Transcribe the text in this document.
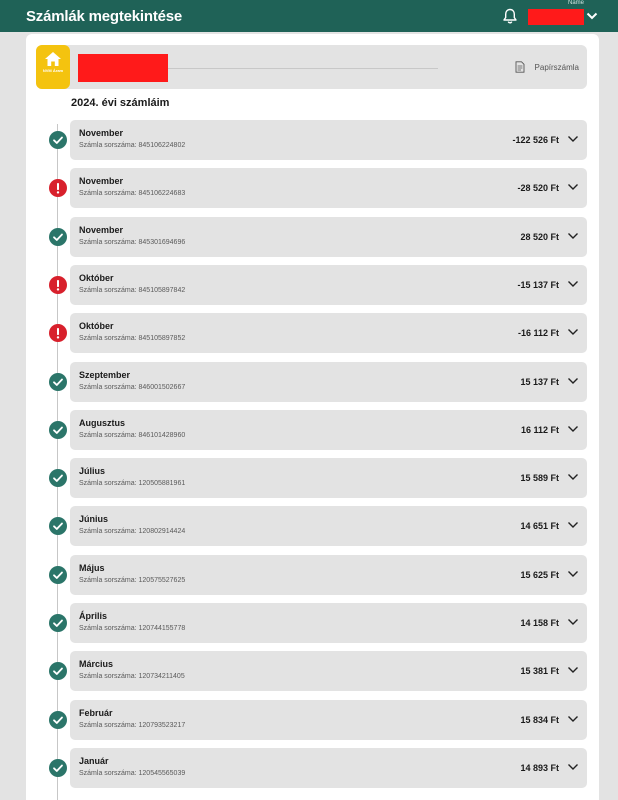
Számlák megtekintése
Name
NVM Áram	Papírszámla
2024. évi számláim
November
Számla sorszáma: 845106224802
-122 526 Ft
November
Számla sorszáma: 845106224683
-28 520 Ft
November
Számla sorszáma: 845301694696
28 520 Ft
Október
Számla sorszáma: 845105897842
-15 137 Ft
Október
Számla sorszáma: 845105897852
-16 112 Ft
Szeptember
Számla sorszáma: 846001502667
15 137 Ft
Augusztus
Számla sorszáma: 846101428960
16 112 Ft
Július
Számla sorszáma: 120505881961
15 589 Ft
Június
Számla sorszáma: 120802914424
14 651 Ft
Május
Számla sorszáma: 120575527625
15 625 Ft
Április
Számla sorszáma: 120744155778
14 158 Ft
Március
Számla sorszáma: 120734211405
15 381 Ft
Február
Számla sorszáma: 120793523217
15 834 Ft
Január
Számla sorszáma: 120545565039
14 893 Ft
